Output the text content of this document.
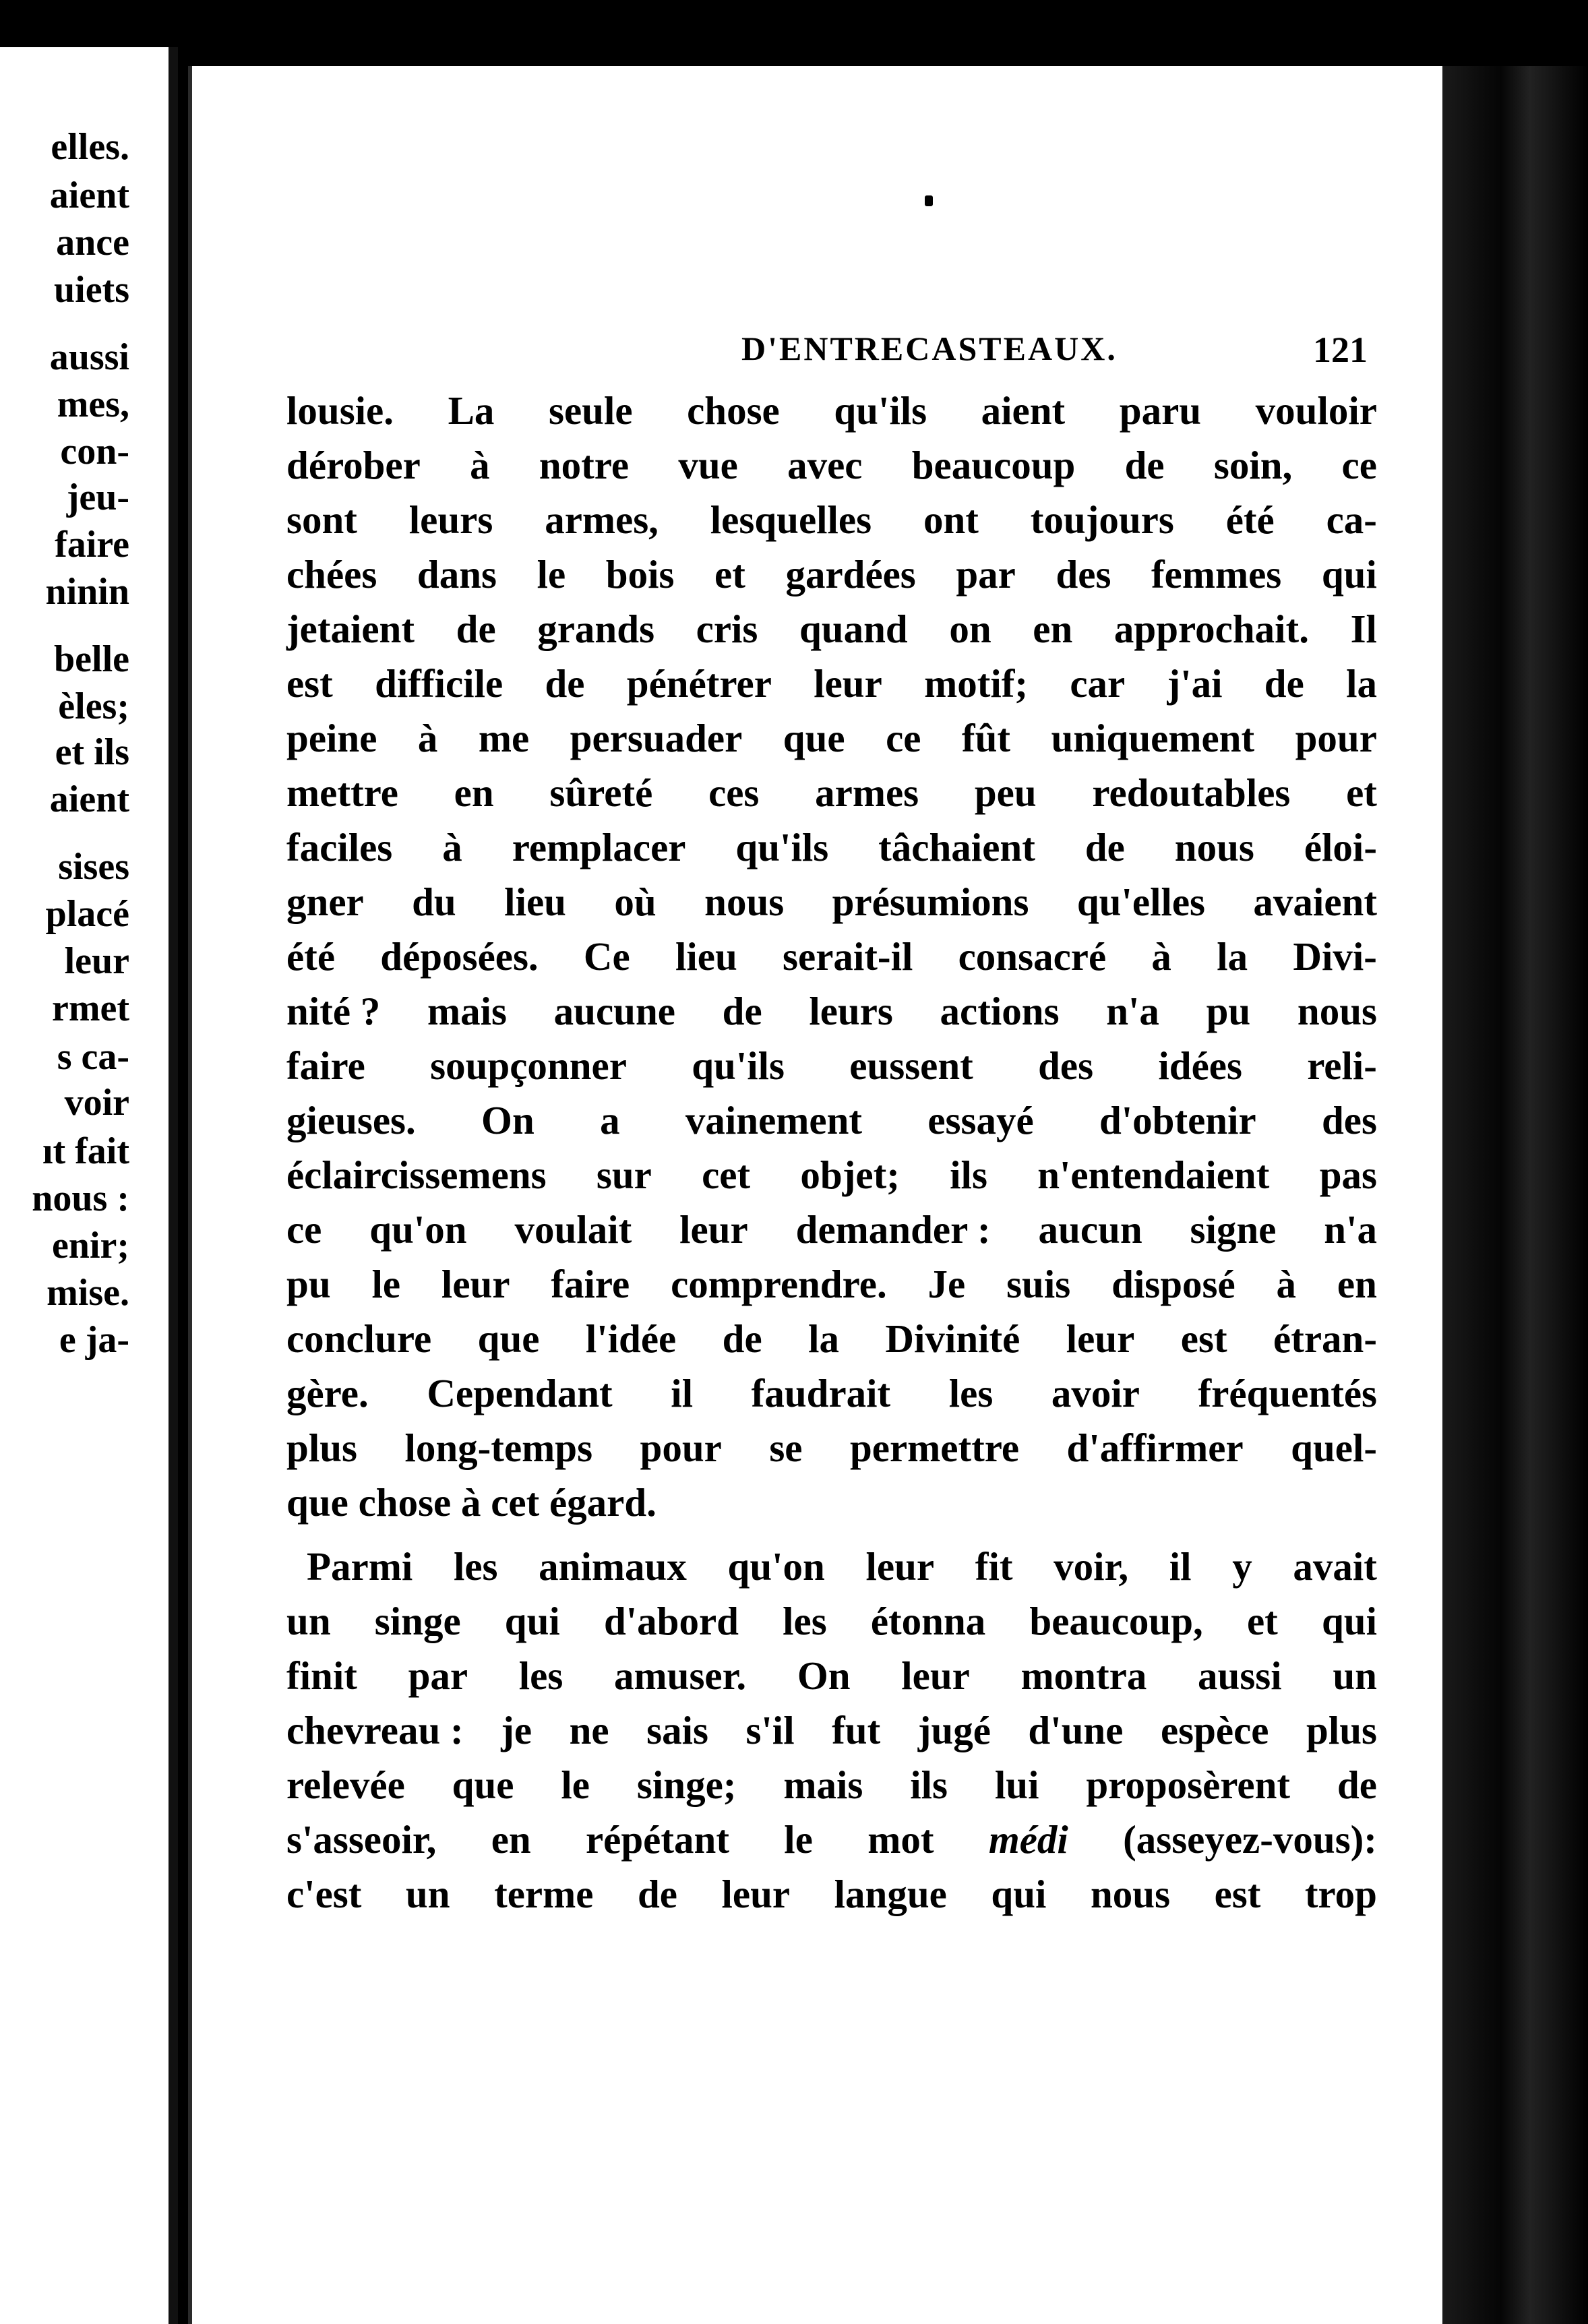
elles.
aient
ance
uiets
aussi
mes,
con-
jeu-
faire
ninin
belle
èles;
et ils
aient
sises
placé
leur
rmet
s ca-
voir
ıt fait
nous :
enir;
mise.
e ja-
D'ENTRECASTEAUX.	121
lousie. La seule chose qu'ils aient paru vouloir
dérober à notre vue avec beaucoup de soin, ce
sont leurs armes, lesquelles ont toujours été ca-
chées dans le bois et gardées par des femmes qui
jetaient de grands cris quand on en approchait. Il
est difficile de pénétrer leur motif; car j'ai de la
peine à me persuader que ce fût uniquement pour
mettre en sûreté ces armes peu redoutables et
faciles à remplacer qu'ils tâchaient de nous éloi-
gner du lieu où nous présumions qu'elles avaient
été déposées. Ce lieu serait-il consacré à la Divi-
nité ? mais aucune de leurs actions n'a pu nous
faire soupçonner qu'ils eussent des idées reli-
gieuses. On a vainement essayé d'obtenir des
éclaircissemens sur cet objet; ils n'entendaient pas
ce qu'on voulait leur demander : aucun signe n'a
pu le leur faire comprendre. Je suis disposé à en
conclure que l'idée de la Divinité leur est étran-
gère. Cependant il faudrait les avoir fréquentés
plus long-temps pour se permettre d'affirmer quel-
que chose à cet égard.
Parmi les animaux qu'on leur fit voir, il y avait
un singe qui d'abord les étonna beaucoup, et qui
finit par les amuser. On leur montra aussi un
chevreau : je ne sais s'il fut jugé d'une espèce plus
relevée que le singe; mais ils lui proposèrent de
s'asseoir, en répétant le mot médi (asseyez-vous):
c'est un terme de leur langue qui nous est trop
